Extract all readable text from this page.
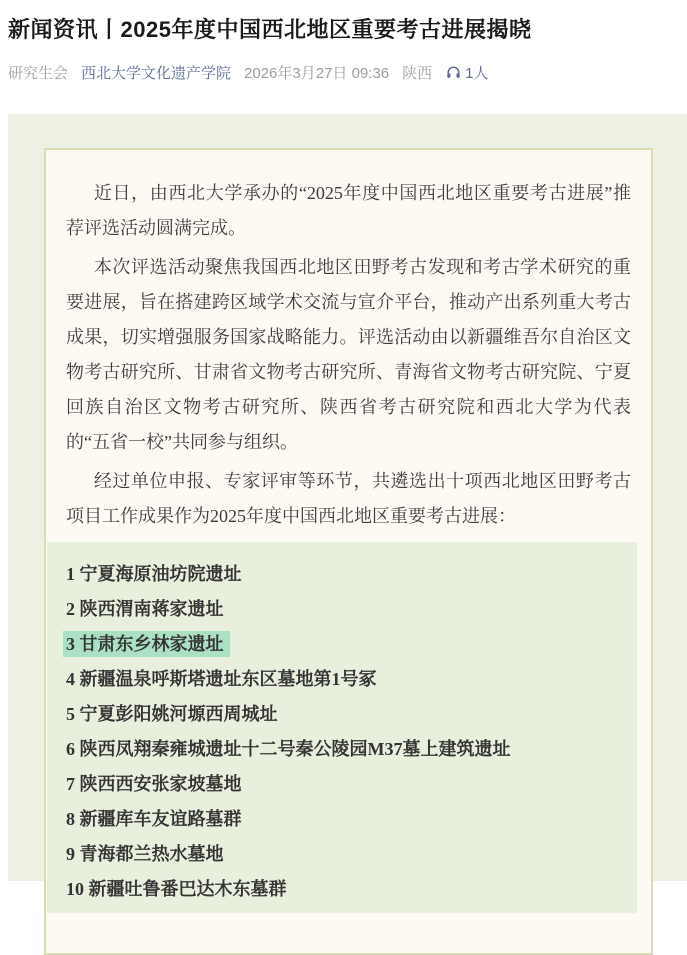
新闻资讯丨2025年度中国西北地区重要考古进展揭晓
研究生会 西北大学文化遗产学院 2026年3月27日 09:36 陕西 1人

近日，由西北大学承办的“2025年度中国西北地区重要考古进展”推荐评选活动圆满完成。

本次评选活动聚焦我国西北地区田野考古发现和考古学术研究的重要进展，旨在搭建跨区域学术交流与宣介平台，推动产出系列重大考古成果，切实增强服务国家战略能力。评选活动由以新疆维吾尔自治区文物考古研究所、甘肃省文物考古研究所、青海省文物考古研究院、宁夏回族自治区文物考古研究所、陕西省考古研究院和西北大学为代表的“五省一校”共同参与组织。

经过单位申报、专家评审等环节，共遴选出十项西北地区田野考古项目工作成果作为2025年度中国西北地区重要考古进展：

1 宁夏海原油坊院遗址
2 陕西渭南蒋家遗址
3 甘肃东乡林家遗址
4 新疆温泉呼斯塔遗址东区墓地第1号冢
5 宁夏彭阳姚河塬西周城址
6 陕西凤翔秦雍城遗址十二号秦公陵园M37墓上建筑遗址
7 陕西西安张家坡墓地
8 新疆库车友谊路墓群
9 青海都兰热水墓地
10 新疆吐鲁番巴达木东墓群
